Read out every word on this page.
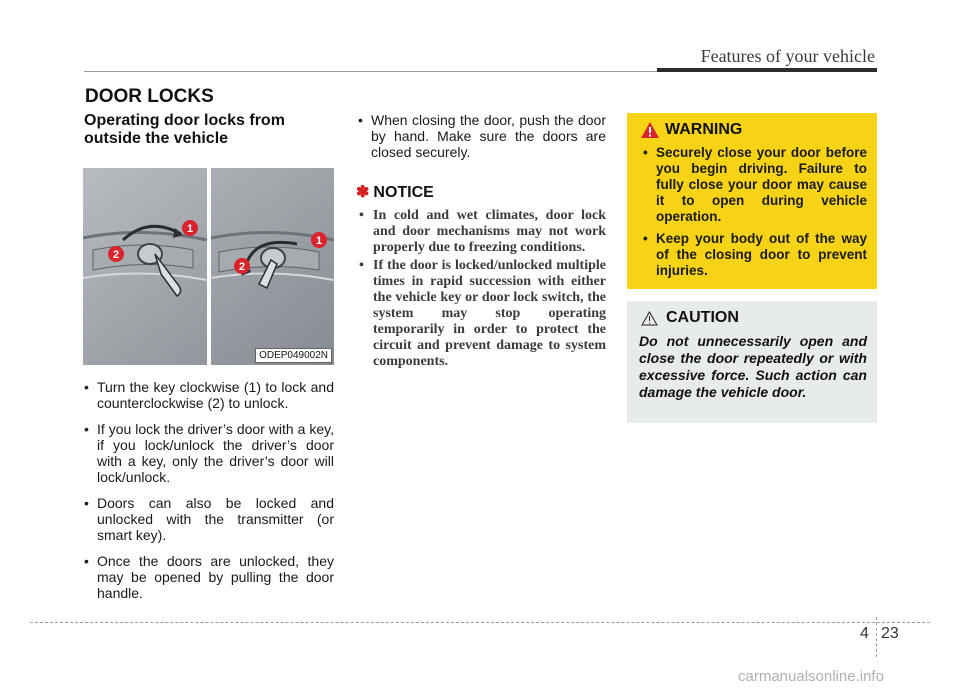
Features of your vehicle
DOOR LOCKS

Operating door locks from
outside the vehicle

1
2
1
2
ODEP049002N
• Turn the key clockwise (1) to lock and counterclockwise (2) to unlock.
• If you lock the driver’s door with a key, if you lock/unlock the driver’s door with a key, only the driver’s door will lock/unlock.
• Doors can also be locked and unlocked with the transmitter (or smart key).
• Once the doors are unlocked, they may be opened by pulling the door handle.
• When closing the door, push the door by hand. Make sure the doors are closed securely.
✽ NOTICE
• In cold and wet climates, door lock and door mechanisms may not work properly due to freezing conditions.
• If the door is locked/unlocked multiple times in rapid succession with either the vehicle key or door lock switch, the system may stop operating temporarily in order to protect the circuit and prevent damage to system components.
WARNING
• Securely close your door before you begin driving. Failure to fully close your door may cause it to open during vehicle operation.
• Keep your body out of the way of the closing door to prevent injuries.
CAUTION

Do not unnecessarily open and close the door repeatedly or with excessive force. Such action can damage the vehicle door.

4 23
carmanualsonline.info
